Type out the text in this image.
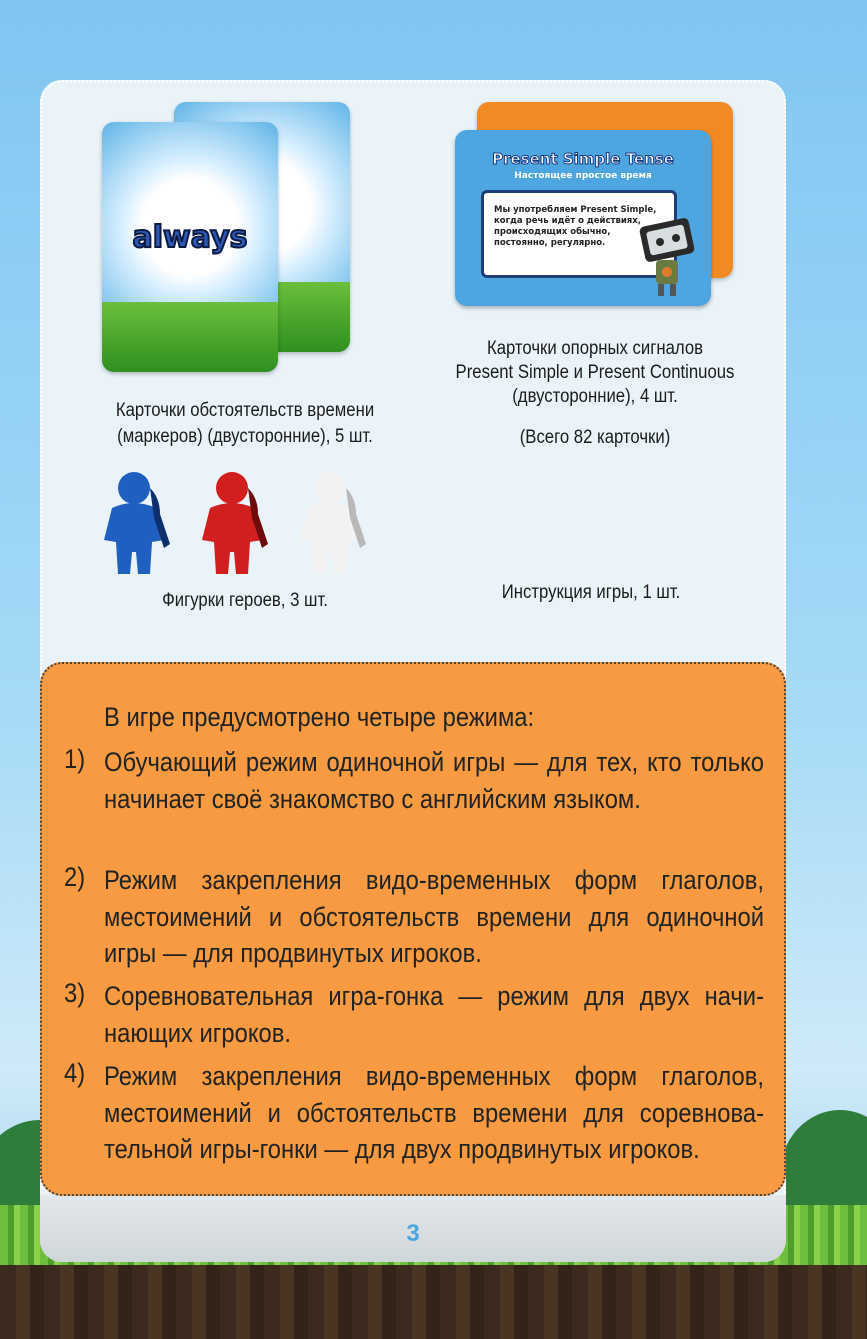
always
Карточки обстоятельств времени
(маркеров) (двусторонние), 5 шт.
Present Simple Tense
Настоящее простое время
Мы употребляем Present Simple, когда речь идёт о действиях, происходящих обычно, постоянно, регулярно.
Карточки опорных сигналов
Present Simple и Present Continuous
(двусторонние), 4 шт.
(Всего 82 карточки)
Фигурки героев, 3 шт.	Инструкция игры, 1 шт.
В игре предусмотрено четыре режима:
1) Обучающий режим одиночной игры — для тех, кто только начинает своё знакомство с английским языком.
2) Режим закрепления видо-временных форм глаголов, местоимений и обстоятельств времени для одиночной игры — для продвинутых игроков.
3) Соревновательная игра-гонка — режим для двух начи-нающих игроков.
4) Режим закрепления видо-временных форм глаголов, местоимений и обстоятельств времени для соревнова-тельной игры-гонки — для двух продвинутых игроков.
3
